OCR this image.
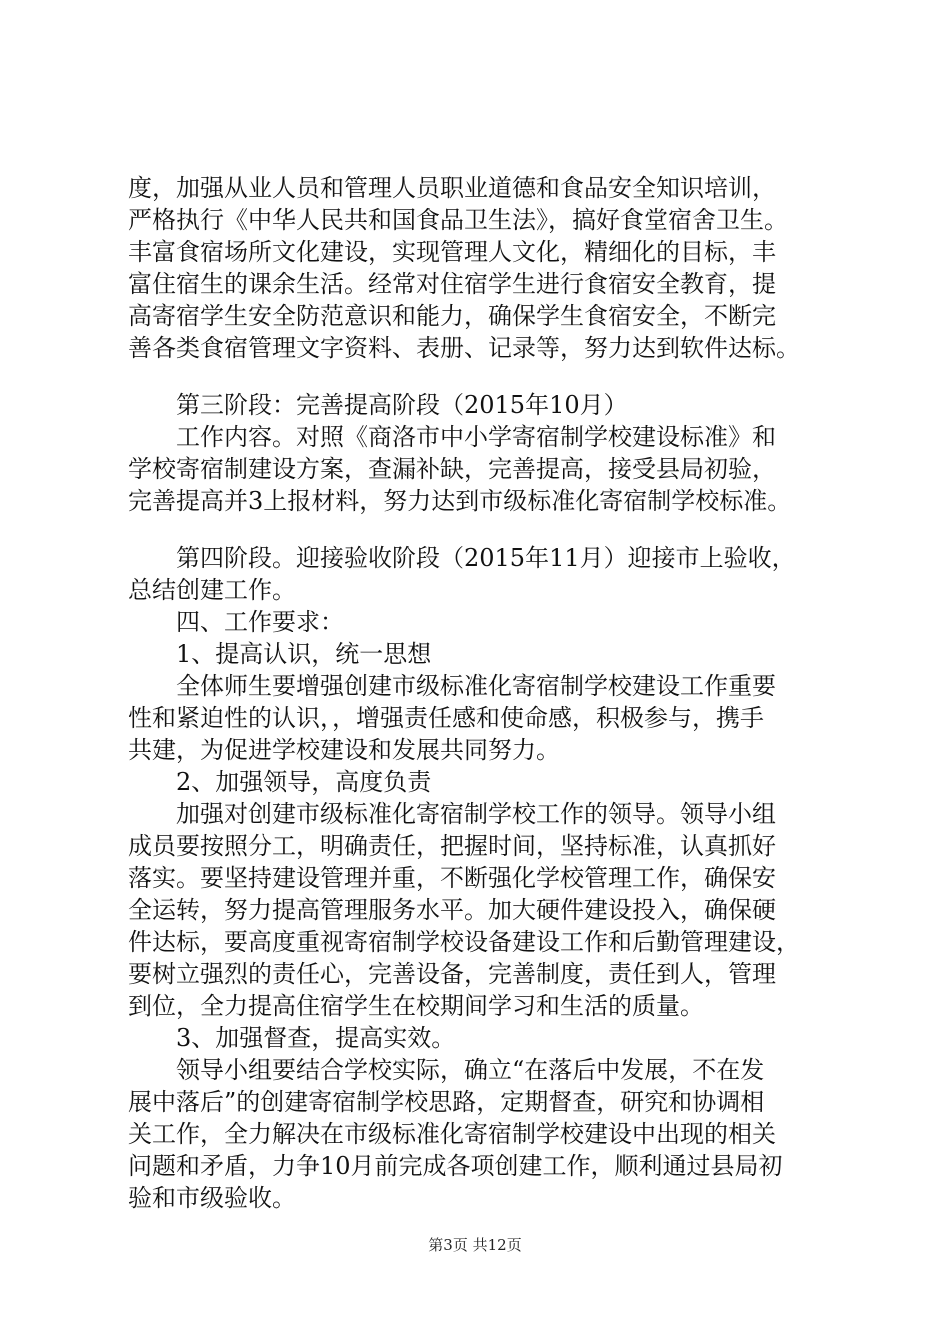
度，加强从业人员和管理人员职业道德和食品安全知识培训，
严格执行《中华人民共和国食品卫生法》，搞好食堂宿舍卫生。
丰富食宿场所文化建设，实现管理人文化，精细化的目标，丰
富住宿生的课余生活。经常对住宿学生进行食宿安全教育，提
高寄宿学生安全防范意识和能力，确保学生食宿安全，不断完
善各类食宿管理文字资料、表册、记录等，努力达到软件达标。
　　第三阶段：完善提高阶段（2015年10月）
　　工作内容。对照《商洛市中小学寄宿制学校建设标准》和
学校寄宿制建设方案，查漏补缺，完善提高，接受县局初验，
完善提高并3上报材料，努力达到市级标准化寄宿制学校标准。
　　第四阶段。迎接验收阶段（2015年11月）迎接市上验收，
总结创建工作。
　　四、工作要求：
　　1、提高认识，统一思想
　　全体师生要增强创建市级标准化寄宿制学校建设工作重要
性和紧迫性的认识，，增强责任感和使命感，积极参与，携手
共建，为促进学校建设和发展共同努力。
　　2、加强领导，高度负责
　　加强对创建市级标准化寄宿制学校工作的领导。领导小组
成员要按照分工，明确责任，把握时间，坚持标准，认真抓好
落实。要坚持建设管理并重，不断强化学校管理工作，确保安
全运转，努力提高管理服务水平。加大硬件建设投入，确保硬
件达标，要高度重视寄宿制学校设备建设工作和后勤管理建设，
要树立强烈的责任心，完善设备，完善制度，责任到人，管理
到位，全力提高住宿学生在校期间学习和生活的质量。
　　3、加强督查，提高实效。
　　领导小组要结合学校实际，确立“在落后中发展，不在发
展中落后”的创建寄宿制学校思路，定期督查，研究和协调相
关工作，全力解决在市级标准化寄宿制学校建设中出现的相关
问题和矛盾，力争10月前完成各项创建工作，顺利通过县局初
验和市级验收。
第3页 共12页
